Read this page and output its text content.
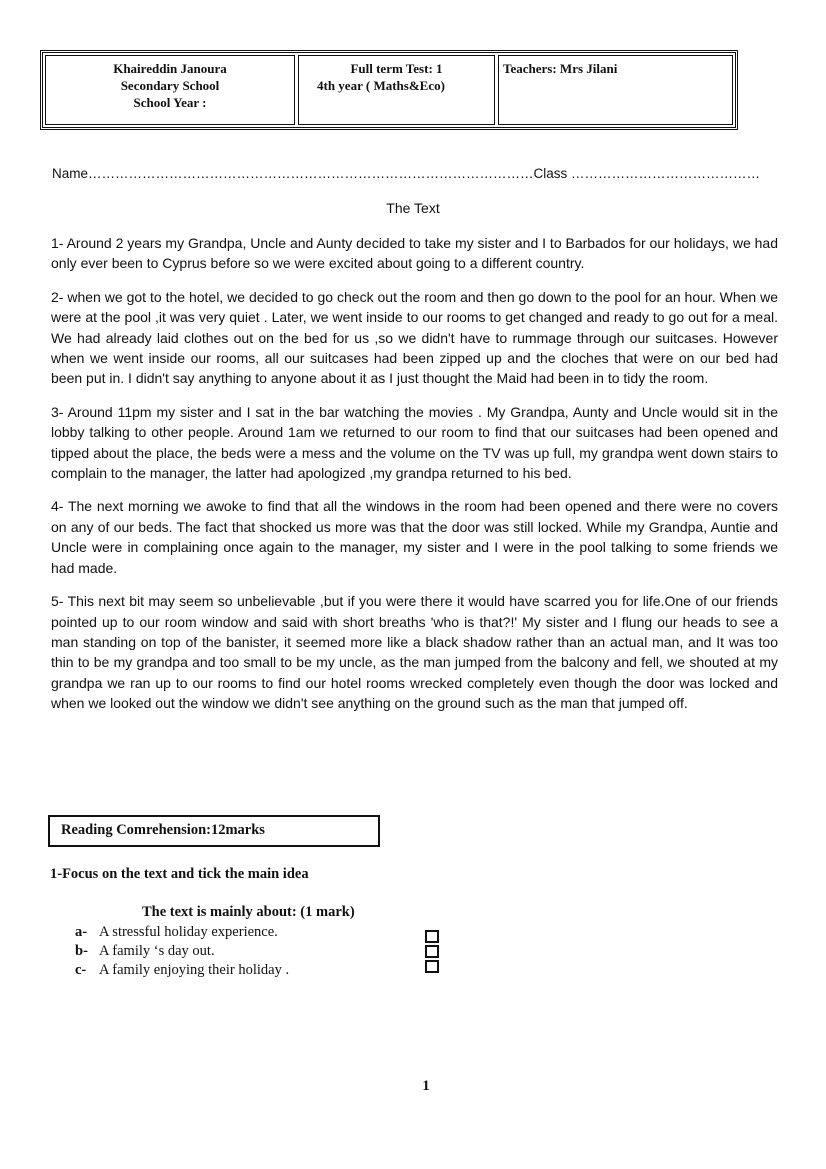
Khaireddin Janoura
Secondary School
School Year :
Full term Test: 1
4th year ( Maths&Eco)
Teachers: Mrs Jilani
Name………………………………………………………………………………………Class ……………………………………
The Text

1- Around 2 years my Grandpa, Uncle and Aunty decided to take my sister and I to Barbados for our holidays, we had only ever been to Cyprus before so we were excited about going to a different country.

2- when we got to the hotel, we decided to go check out the room and then go down to the pool for an hour. When we were at the pool ,it was very quiet . Later, we went inside to our rooms to get changed and ready to go out for a meal. We had already laid clothes out on the bed for us ,so we didn't have to rummage through our suitcases. However when we went inside our rooms, all our suitcases had been zipped up and the cloches that were on our bed had been put in. I didn't say anything to anyone about it as I just thought the Maid had been in to tidy the room.

3- Around 11pm my sister and I sat in the bar watching the movies . My Grandpa, Aunty and Uncle would sit in the lobby talking to other people. Around 1am we returned to our room to find that our suitcases had been opened and tipped about the place, the beds were a mess and the volume on the TV was up full, my grandpa went down stairs to complain to the manager, the latter had apologized ,my grandpa returned to his bed.

4- The next morning we awoke to find that all the windows in the room had been opened and there were no covers on any of our beds. The fact that shocked us more was that the door was still locked. While my Grandpa, Auntie and Uncle were in complaining once again to the manager, my sister and I were in the pool talking to some friends we had made.

5- This next bit may seem so unbelievable ,but if you were there it would have scarred you for life.One of our friends pointed up to our room window and said with short breaths 'who is that?!' My sister and I flung our heads to see a man standing on top of the banister, it seemed more like a black shadow rather than an actual man, and It was too thin to be my grandpa and too small to be my uncle, as the man jumped from the balcony and fell, we shouted at my grandpa we ran up to our rooms to find our hotel rooms wrecked completely even though the door was locked and when we looked out the window we didn't see anything on the ground such as the man that jumped off.

Reading Comrehension:12marks
1-Focus on the text and tick the main idea
The text is mainly about: (1 mark)
a- A stressful holiday experience.
b- A family ‘s day out.
c- A family enjoying their holiday .
1
